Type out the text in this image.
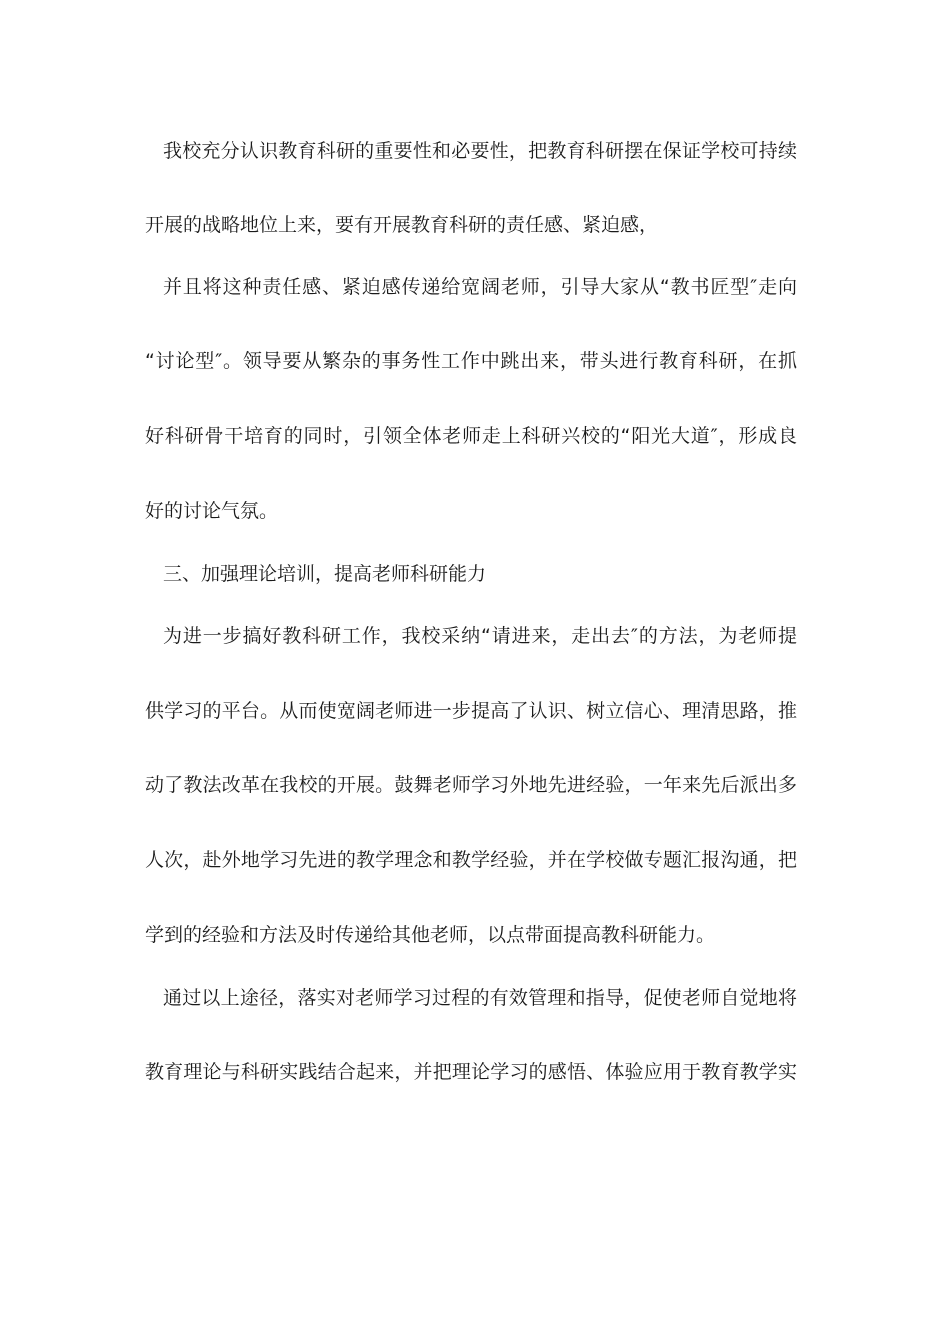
我校充分认识教育科研的重要性和必要性，把教育科研摆在保证学校可持续
开展的战略地位上来，要有开展教育科研的责任感、紧迫感，
并且将这种责任感、紧迫感传递给宽阔老师，引导大家从“教书匠型″走向
“讨论型″。领导要从繁杂的事务性工作中跳出来，带头进行教育科研，在抓
好科研骨干培育的同时，引领全体老师走上科研兴校的“阳光大道″，形成良
好的讨论气氛。
三、加强理论培训，提高老师科研能力
为进一步搞好教科研工作，我校采纳“请进来，走出去″的方法，为老师提
供学习的平台。从而使宽阔老师进一步提高了认识、树立信心、理清思路，推
动了教法改革在我校的开展。鼓舞老师学习外地先进经验，一年来先后派出多
人次，赴外地学习先进的教学理念和教学经验，并在学校做专题汇报沟通，把
学到的经验和方法及时传递给其他老师，以点带面提高教科研能力。
通过以上途径，落实对老师学习过程的有效管理和指导，促使老师自觉地将
教育理论与科研实践结合起来，并把理论学习的感悟、体验应用于教育教学实
